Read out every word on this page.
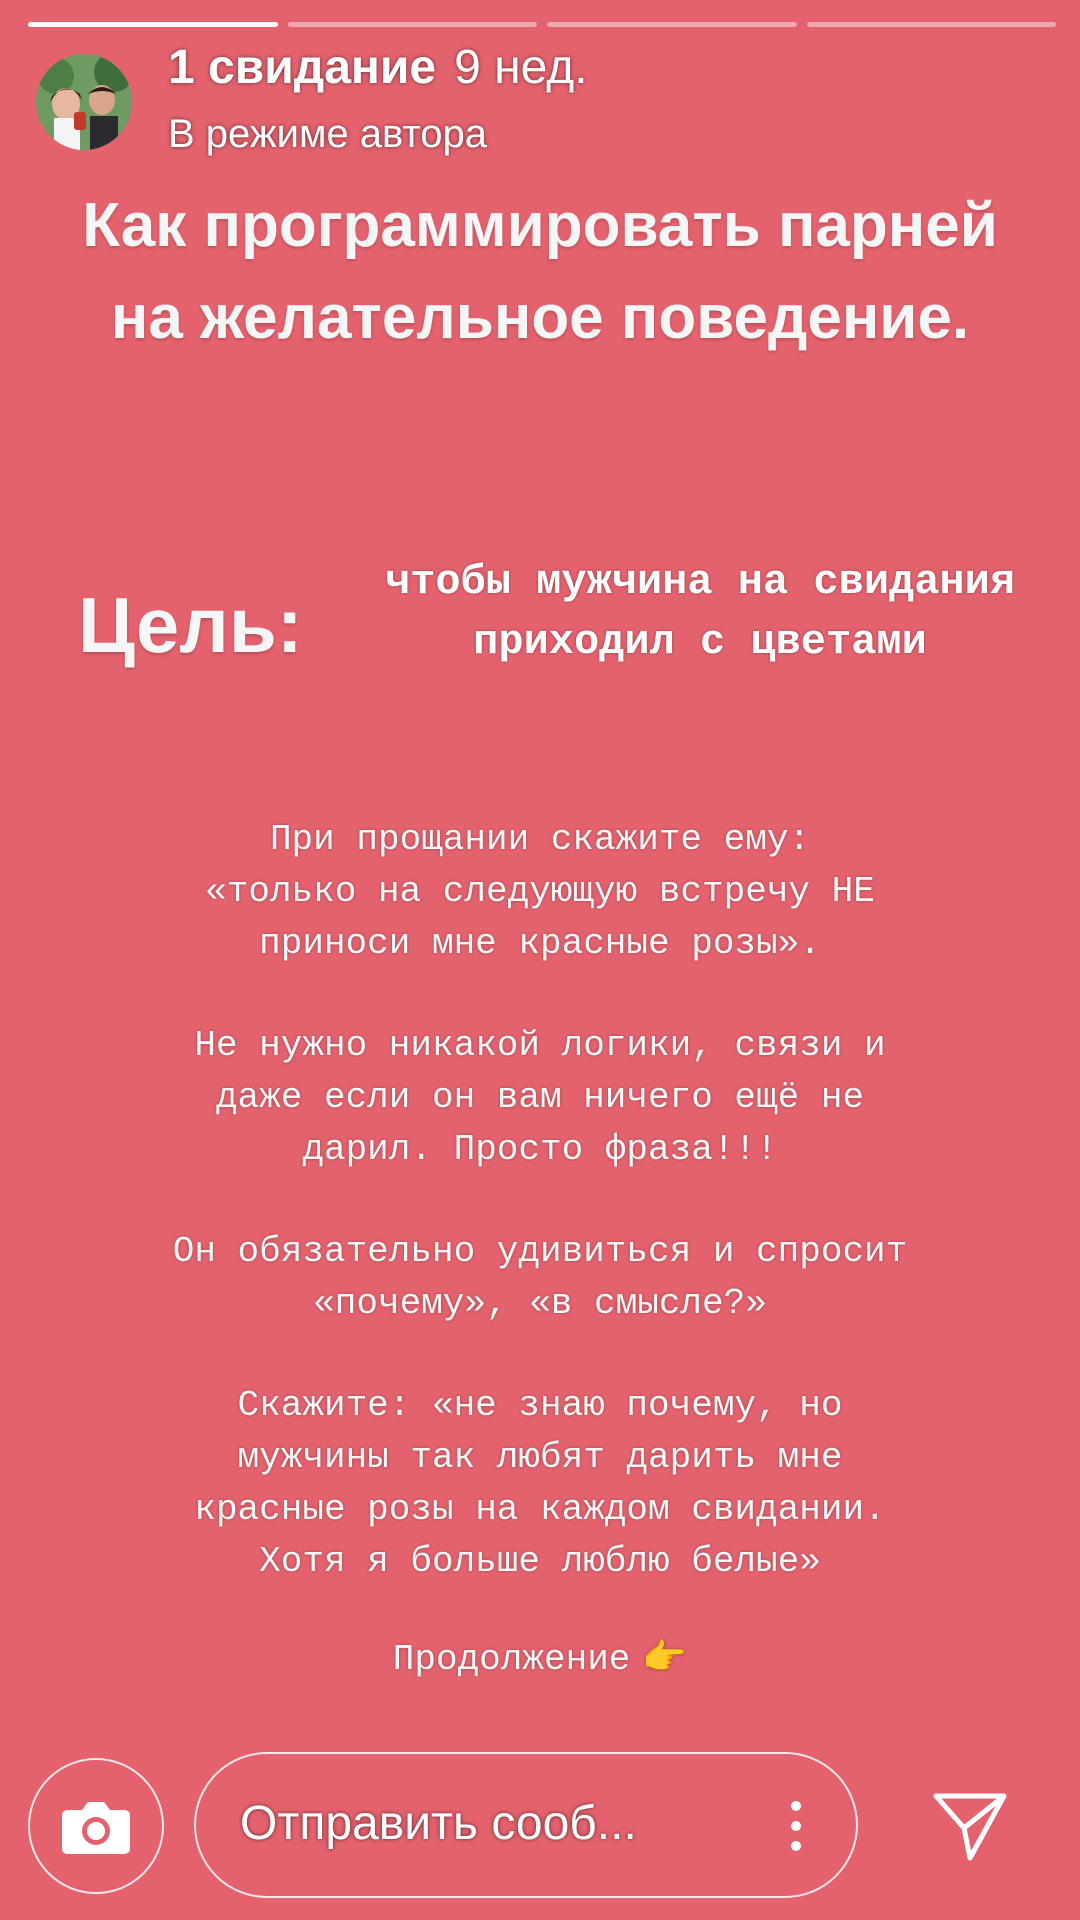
1 свидание 9 нед.
В режиме автора
Как программировать парней на желательное поведение.
Цель:	чтобы мужчина на свидания приходил с цветами
При прощании скажите ему:
«только на следующую встречу НЕ
приноси мне красные розы».
Не нужно никакой логики, связи и
даже если он вам ничего ещё не
дарил. Просто фраза!!!
Он обязательно удивиться и спросит
«почему», «в смысле?»
Скажите: «не знаю почему, но
мужчины так любят дарить мне
красные розы на каждом свидании.
Хотя я больше люблю белые»
Продолжение 👉
Отправить сооб...
